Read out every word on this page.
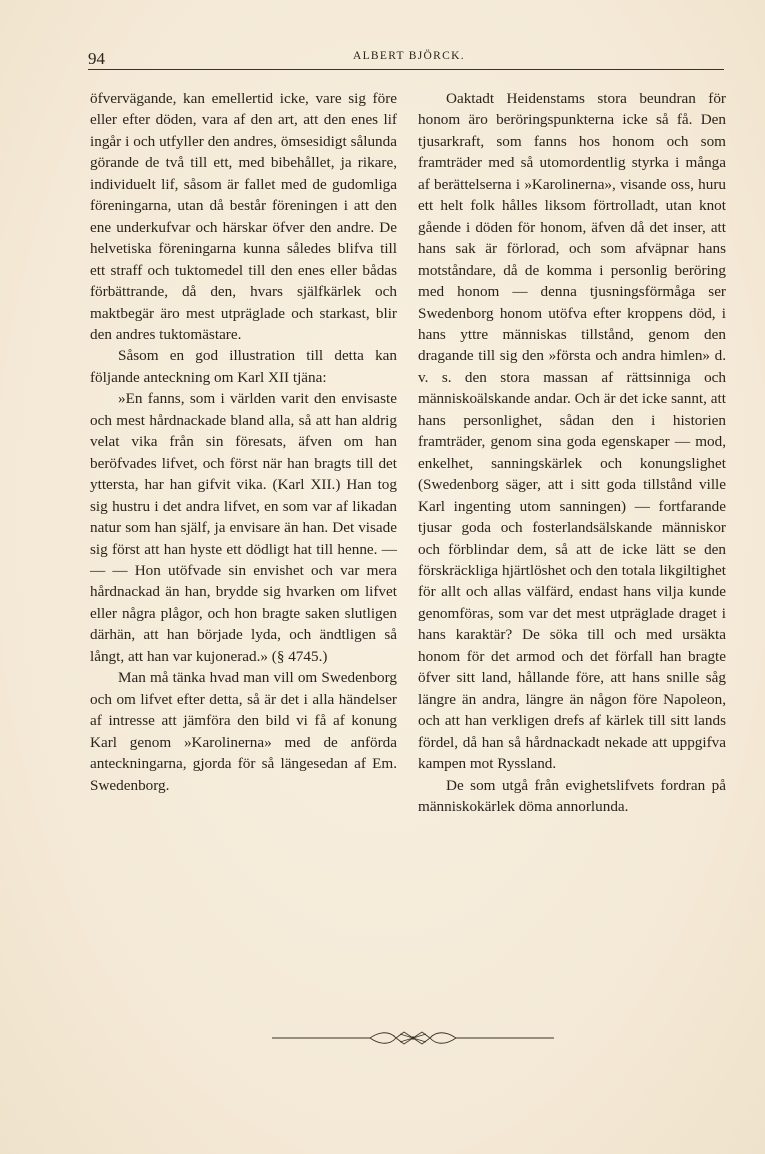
94	ALBERT BJÖRCK.

öfvervägande, kan emellertid icke, vare sig före eller efter döden, vara af den art, att den enes lif ingår i och utfyller den andres, ömsesidigt sålunda görande de två till ett, med bibehållet, ja rikare, individuelt lif, såsom är fallet med de gudomliga föreningarna, utan då består föreningen i att den ene underkufvar och härskar öfver den andre. De helvetiska föreningarna kunna således blifva till ett straff och tuktomedel till den enes eller bådas förbättrande, då den, hvars själfkärlek och maktbegär äro mest utpräglade och starkast, blir den andres tuktomästare.

Såsom en god illustration till detta kan följande anteckning om Karl XII tjäna:

»En fanns, som i världen varit den envisaste och mest hårdnackade bland alla, så att han aldrig velat vika från sin föresats, äfven om han beröfvades lifvet, och först när han bragts till det yttersta, har han gifvit vika. (Karl XII.) Han tog sig hustru i det andra lifvet, en som var af likadan natur som han själf, ja envisare än han. Det visade sig först att han hyste ett dödligt hat till henne. — — — Hon utöfvade sin envishet och var mera hårdnackad än han, brydde sig hvarken om lifvet eller några plågor, och hon bragte saken slutligen därhän, att han började lyda, och ändtligen så långt, att han var kujonerad.» (§ 4745.)

Man må tänka hvad man vill om Swedenborg och om lifvet efter detta, så är det i alla händelser af intresse att jämföra den bild vi få af konung Karl genom »Karolinerna» med de anförda anteckningarna, gjorda för så längesedan af Em. Swedenborg.

Oaktadt Heidenstams stora beundran för honom äro beröringspunkterna icke så få. Den tjusarkraft, som fanns hos honom och som framträder med så utomordentlig styrka i många af berättelserna i »Karolinerna», visande oss, huru ett helt folk hålles liksom förtrolladt, utan knot gående i döden för honom, äfven då det inser, att hans sak är förlorad, och som afväpnar hans motståndare, då de komma i personlig beröring med honom — denna tjusningsförmåga ser Swedenborg honom utöfva efter kroppens död, i hans yttre människas tillstånd, genom den dragande till sig den »första och andra himlen» d. v. s. den stora massan af rättsinniga och människoälskande andar. Och är det icke sannt, att hans personlighet, sådan den i historien framträder, genom sina goda egenskaper — mod, enkelhet, sanningskärlek och konungslighet (Swedenborg säger, att i sitt goda tillstånd ville Karl ingenting utom sanningen) — fortfarande tjusar goda och fosterlandsälskande människor och förblindar dem, så att de icke lätt se den förskräckliga hjärtlöshet och den totala likgiltighet för allt och allas välfärd, endast hans vilja kunde genomföras, som var det mest utpräglade draget i hans karaktär? De söka till och med ursäkta honom för det armod och det förfall han bragte öfver sitt land, hållande före, att hans snille såg längre än andra, längre än någon före Napoleon, och att han verkligen drefs af kärlek till sitt lands fördel, då han så hårdnackadt nekade att uppgifva kampen mot Ryssland.

De som utgå från evighetslifvets fordran på människokärlek döma annorlunda.
